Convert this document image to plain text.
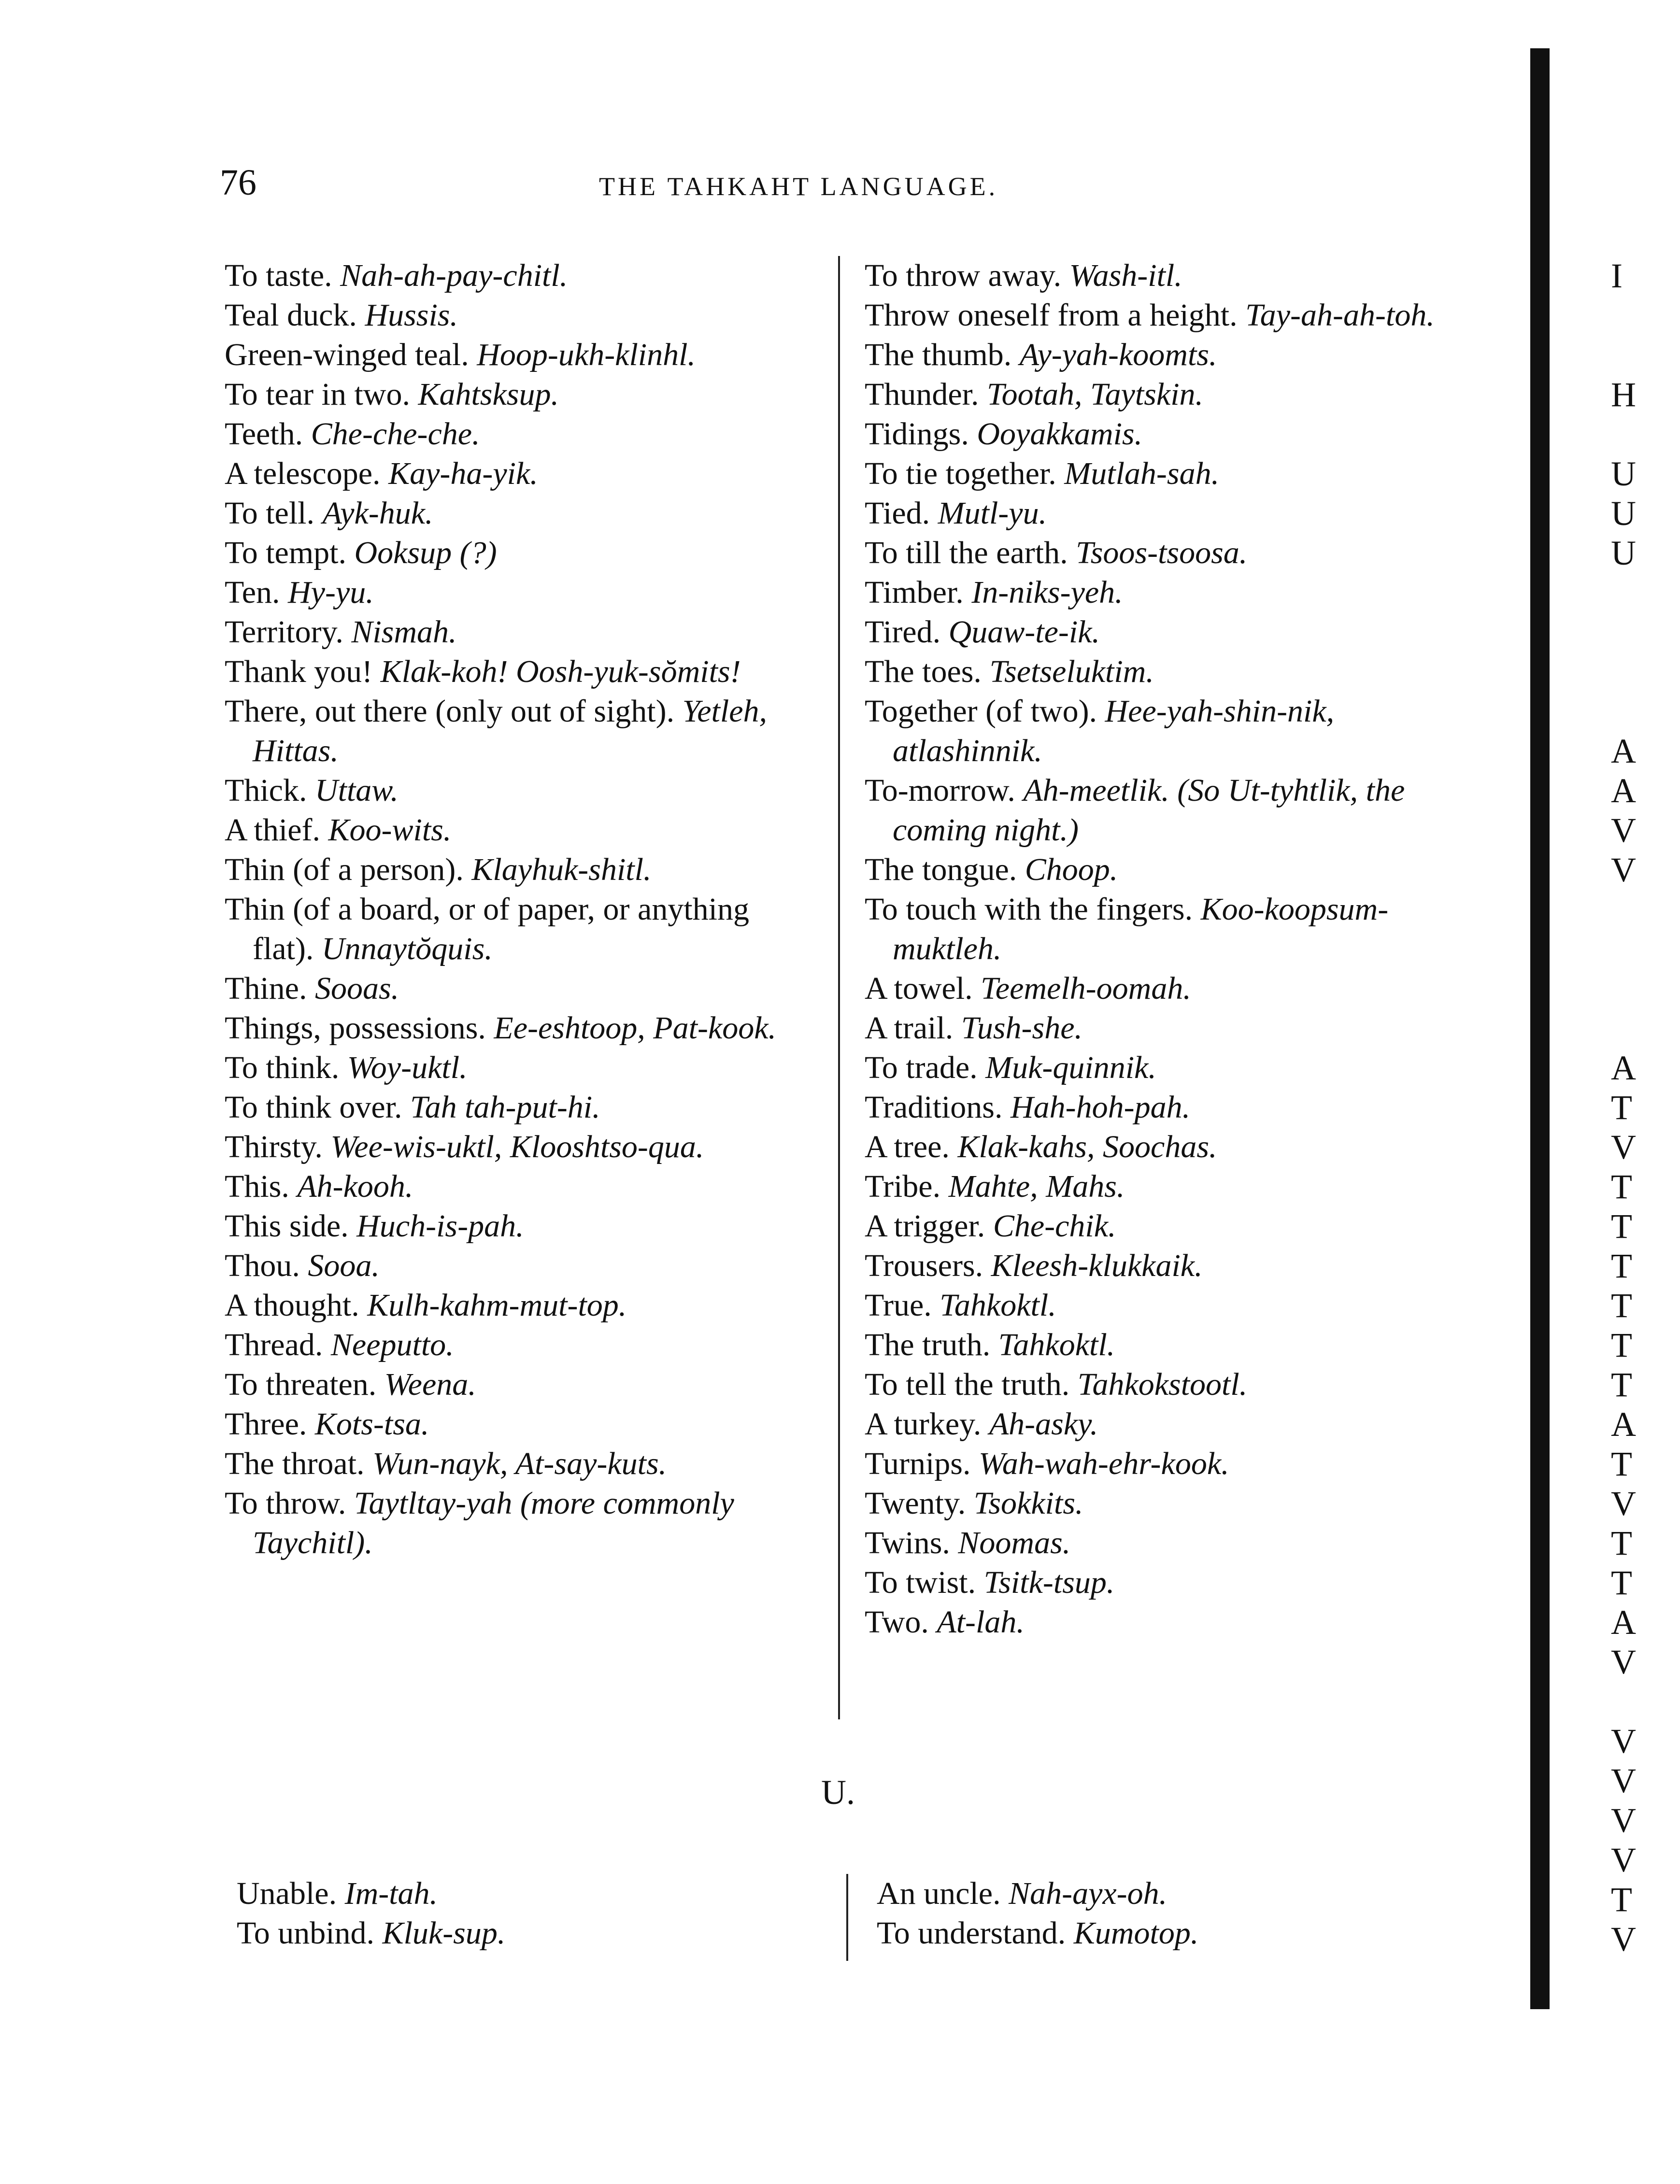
76	THE TAHKAHT LANGUAGE.
To taste. Nah-ah-pay-chitl.
Teal duck. Hussis.
Green-winged teal. Hoop-ukh-klinhl.
To tear in two. Kahtsksup.
Teeth. Che-che-che.
A telescope. Kay-ha-yik.
To tell. Ayk-huk.
To tempt. Ooksup (?)
Ten. Hy-yu.
Territory. Nismah.
Thank you! Klak-koh! Oosh-yuk-sŏmits!
There, out there (only out of sight). Yetleh, Hittas.
Thick. Uttaw.
A thief. Koo-wits.
Thin (of a person). Klayhuk-shitl.
Thin (of a board, or of paper, or anything flat). Unnaytŏquis.
Thine. Sooas.
Things, possessions. Ee-eshtoop, Pat-kook.
To think. Woy-uktl.
To think over. Tah tah-put-hi.
Thirsty. Wee-wis-uktl, Klooshtso-qua.
This. Ah-kooh.
This side. Huch-is-pah.
Thou. Sooa.
A thought. Kulh-kahm-mut-top.
Thread. Neeputto.
To threaten. Weena.
Three. Kots-tsa.
The throat. Wun-nayk, At-say-kuts.
To throw. Taytltay-yah (more commonly Taychitl).
To throw away. Wash-itl.
Throw oneself from a height. Tay-ah-ah-toh.
The thumb. Ay-yah-koomts.
Thunder. Tootah, Taytskin.
Tidings. Ooyakkamis.
To tie together. Mutlah-sah.
Tied. Mutl-yu.
To till the earth. Tsoos-tsoosa.
Timber. In-niks-yeh.
Tired. Quaw-te-ik.
The toes. Tsetseluktim.
Together (of two). Hee-yah-shin-nik, atlashinnik.
To-morrow. Ah-meetlik. (So Ut-tyhtlik, the coming night.)
The tongue. Choop.
To touch with the fingers. Koo-koopsum-muktleh.
A towel. Teemelh-oomah.
A trail. Tush-she.
To trade. Muk-quinnik.
Traditions. Hah-hoh-pah.
A tree. Klak-kahs, Soochas.
Tribe. Mahte, Mahs.
A trigger. Che-chik.
Trousers. Kleesh-klukkaik.
True. Tahkoktl.
The truth. Tahkoktl.
To tell the truth. Tahkokstootl.
A turkey. Ah-asky.
Turnips. Wah-wah-ehr-kook.
Twenty. Tsokkits.
Twins. Noomas.
To twist. Tsitk-tsup.
Two. At-lah.
U.
Unable. Im-tah.
To unbind. Kluk-sup.
An uncle. Nah-ayx-oh.
To understand. Kumotop.
I
H
U
U
U
A
A
V
V
A
T
V
T
T
T
T
T
T
A
T
V
T
T
A
V
V
V
V
V
T
V
